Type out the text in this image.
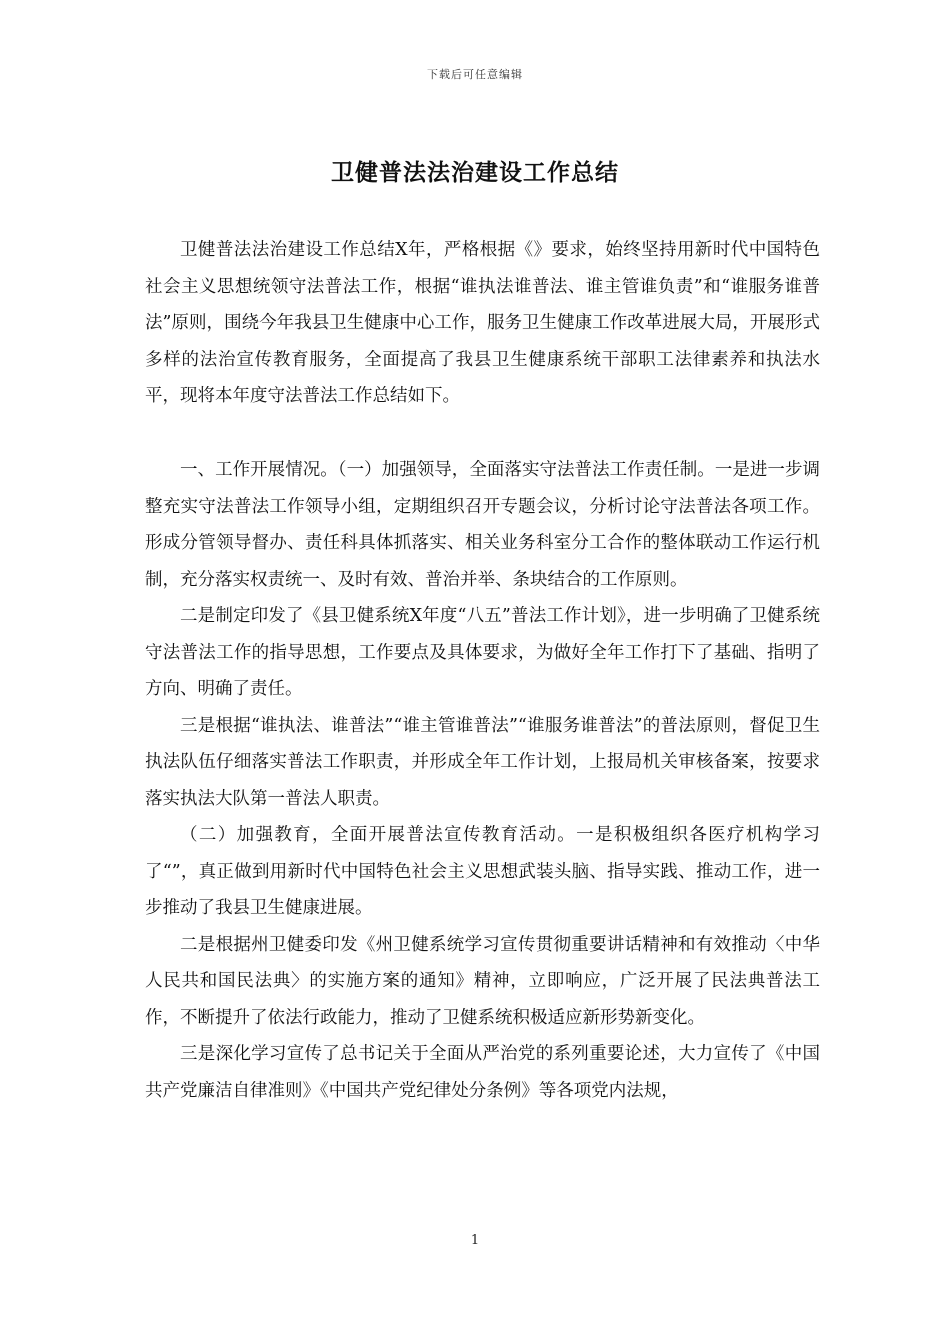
下载后可任意编辑
卫健普法法治建设工作总结

卫健普法法治建设工作总结X年，严格根据《》要求，始终坚持用新时代中国特色社会主义思想统领守法普法工作，根据“谁执法谁普法、谁主管谁负责”和“谁服务谁普法”原则，围绕今年我县卫生健康中心工作，服务卫生健康工作改革进展大局，开展形式多样的法治宣传教育服务，全面提高了我县卫生健康系统干部职工法律素养和执法水平，现将本年度守法普法工作总结如下。

一、工作开展情况。（一）加强领导，全面落实守法普法工作责任制。一是进一步调整充实守法普法工作领导小组，定期组织召开专题会议，分析讨论守法普法各项工作。形成分管领导督办、责任科具体抓落实、相关业务科室分工合作的整体联动工作运行机制，充分落实权责统一、及时有效、普治并举、条块结合的工作原则。

二是制定印发了《县卫健系统X年度“八五”普法工作计划》，进一步明确了卫健系统守法普法工作的指导思想，工作要点及具体要求，为做好全年工作打下了基础、指明了方向、明确了责任。

三是根据“谁执法、谁普法”“谁主管谁普法”“谁服务谁普法”的普法原则，督促卫生执法队伍仔细落实普法工作职责，并形成全年工作计划，上报局机关审核备案，按要求落实执法大队第一普法人职责。

（二）加强教育，全面开展普法宣传教育活动。一是积极组织各医疗机构学习了“”，真正做到用新时代中国特色社会主义思想武装头脑、指导实践、推动工作，进一步推动了我县卫生健康进展。

二是根据州卫健委印发《州卫健系统学习宣传贯彻重要讲话精神和有效推动〈中华人民共和国民法典〉的实施方案的通知》精神，立即响应，广泛开展了民法典普法工作，不断提升了依法行政能力，推动了卫健系统积极适应新形势新变化。

三是深化学习宣传了总书记关于全面从严治党的系列重要论述，大力宣传了《中国共产党廉洁自律准则》《中国共产党纪律处分条例》等各项党内法规，

1
